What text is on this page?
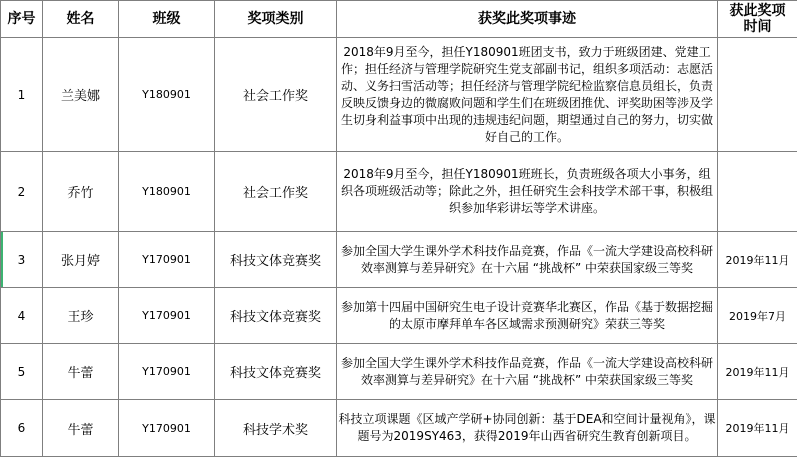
序号	姓名	班级	奖项类别	获奖此奖项事迹	获此奖项
时间
1	兰美娜	Y180901	社会工作奖	2018年9月至今，担任Y180901班团支书，致力于班级团建、党建工作；担任经济与管理学院研究生党支部副书记，组织多项活动：志愿活动、义务扫雪活动等；担任经济与管理学院纪检监察信息员组长，负责反映反馈身边的微腐败问题和学生们在班级团推优、评奖助困等涉及学生切身利益事项中出现的违规违纪问题，期望通过自己的努力，切实做好自己的工作。	
2	乔竹	Y180901	社会工作奖	2018年9月至今，担任Y180901班班长，负责班级各项大小事务，组织各项班级活动等；除此之外，担任研究生会科技学术部干事，积极组织参加华彩讲坛等学术讲座。	
3	张月婷	Y170901	科技文体竞赛奖	参加全国大学生课外学术科技作品竞赛，作品《一流大学建设高校科研效率测算与差异研究》在十六届 “挑战杯” 中荣获国家级三等奖	2019年11月
4	王珍	Y170901	科技文体竞赛奖	参加第十四届中国研究生电子设计竞赛华北赛区，作品《基于数据挖掘的太原市摩拜单车各区域需求预测研究》荣获三等奖	2019年7月
5	牛蕾	Y170901	科技文体竞赛奖	参加全国大学生课外学术科技作品竞赛，作品《一流大学建设高校科研效率测算与差异研究》在十六届 “挑战杯” 中荣获国家级三等奖	2019年11月
6	牛蕾	Y170901	科技学术奖	科技立项课题《区域产学研+协同创新：基于DEA和空间计量视角》，课题号为2019SY463，获得2019年山西省研究生教育创新项目。	2019年11月
